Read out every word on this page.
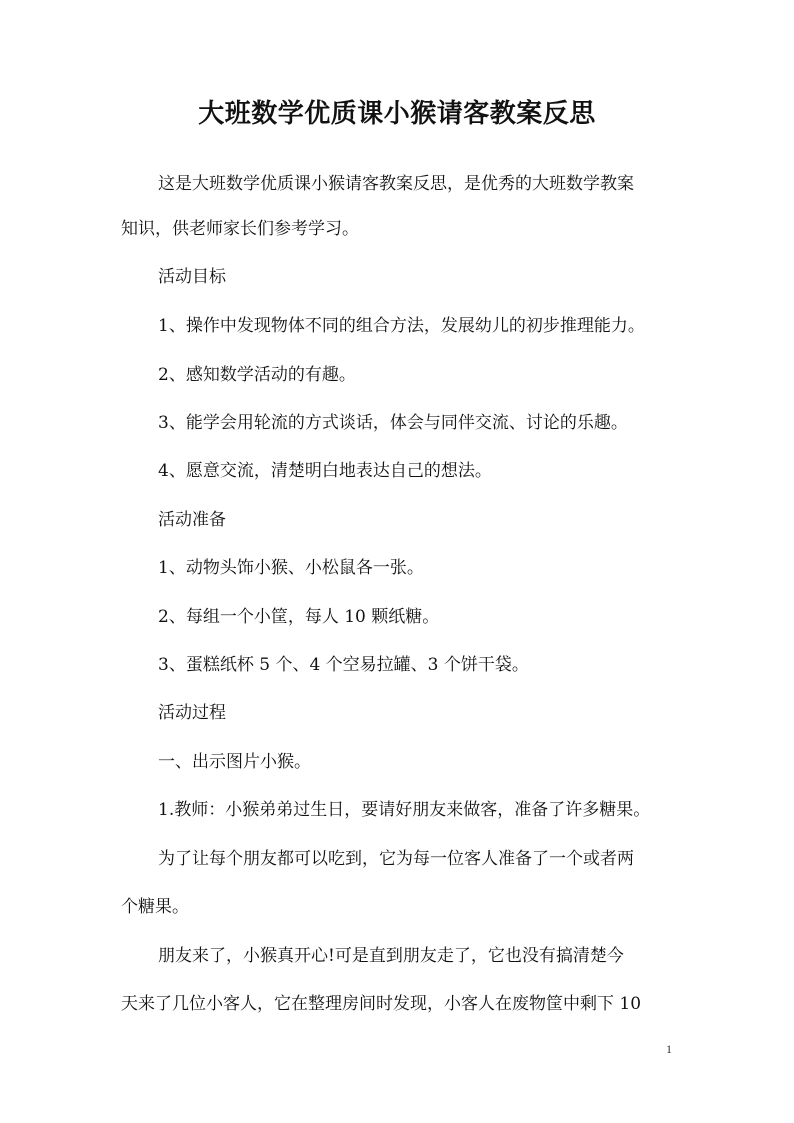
大班数学优质课小猴请客教案反思
这是大班数学优质课小猴请客教案反思，是优秀的大班数学教案
知识，供老师家长们参考学习。
活动目标
1、操作中发现物体不同的组合方法，发展幼儿的初步推理能力。
2、感知数学活动的有趣。
3、能学会用轮流的方式谈话，体会与同伴交流、讨论的乐趣。
4、愿意交流，清楚明白地表达自己的想法。
活动准备
1、动物头饰小猴、小松鼠各一张。
2、每组一个小筐，每人 10 颗纸糖。
3、蛋糕纸杯 5 个、4 个空易拉罐、3 个饼干袋。
活动过程
一、出示图片小猴。
1.教师：小猴弟弟过生日，要请好朋友来做客，准备了许多糖果。
为了让每个朋友都可以吃到，它为每一位客人准备了一个或者两
个糖果。
朋友来了，小猴真开心!可是直到朋友走了，它也没有搞清楚今
天来了几位小客人，它在整理房间时发现，小客人在废物筐中剩下 10
1
